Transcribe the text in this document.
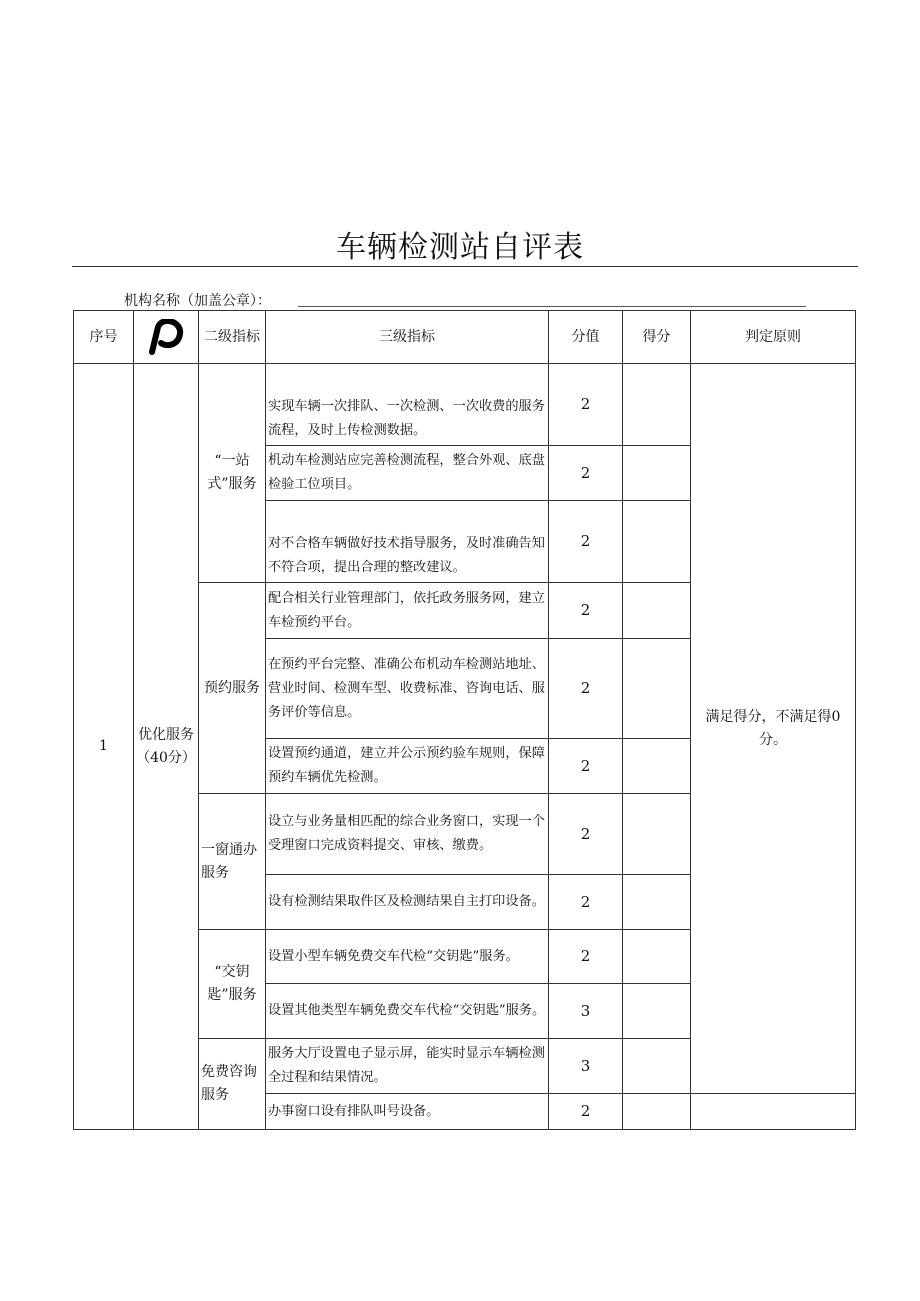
车辆检测站自评表
机构名称（加盖公章）：
序号		二级指标	三级指标	分值	得分	判定原则
1	优化服务（40分）	“一站式”服务	实现车辆一次排队、一次检测、一次收费的服务流程，及时上传检测数据。	2		满足得分，不满足得0分。
			机动车检测站应完善检测流程，整合外观、底盘检验工位项目。	2		
			对不合格车辆做好技术指导服务，及时准确告知不符合项，提出合理的整改建议。	2		
		预约服务	配合相关行业管理部门，依托政务服务网，建立车检预约平台。	2		
			在预约平台完整、准确公布机动车检测站地址、营业时间、检测车型、收费标准、咨询电话、服务评价等信息。	2		
			设置预约通道，建立并公示预约验车规则，保障预约车辆优先检测。	2		
		一窗通办服务	设立与业务量相匹配的综合业务窗口，实现一个受理窗口完成资料提交、审核、缴费。	2		
			设有检测结果取件区及检测结果自主打印设备。	2		
		“交钥匙”服务	设置小型车辆免费交车代检“交钥匙”服务。	2		
			设置其他类型车辆免费交车代检“交钥匙”服务。	3		
		免费咨询服务	服务大厅设置电子显示屏，能实时显示车辆检测全过程和结果情况。	3		
			办事窗口设有排队叫号设备。	2		
